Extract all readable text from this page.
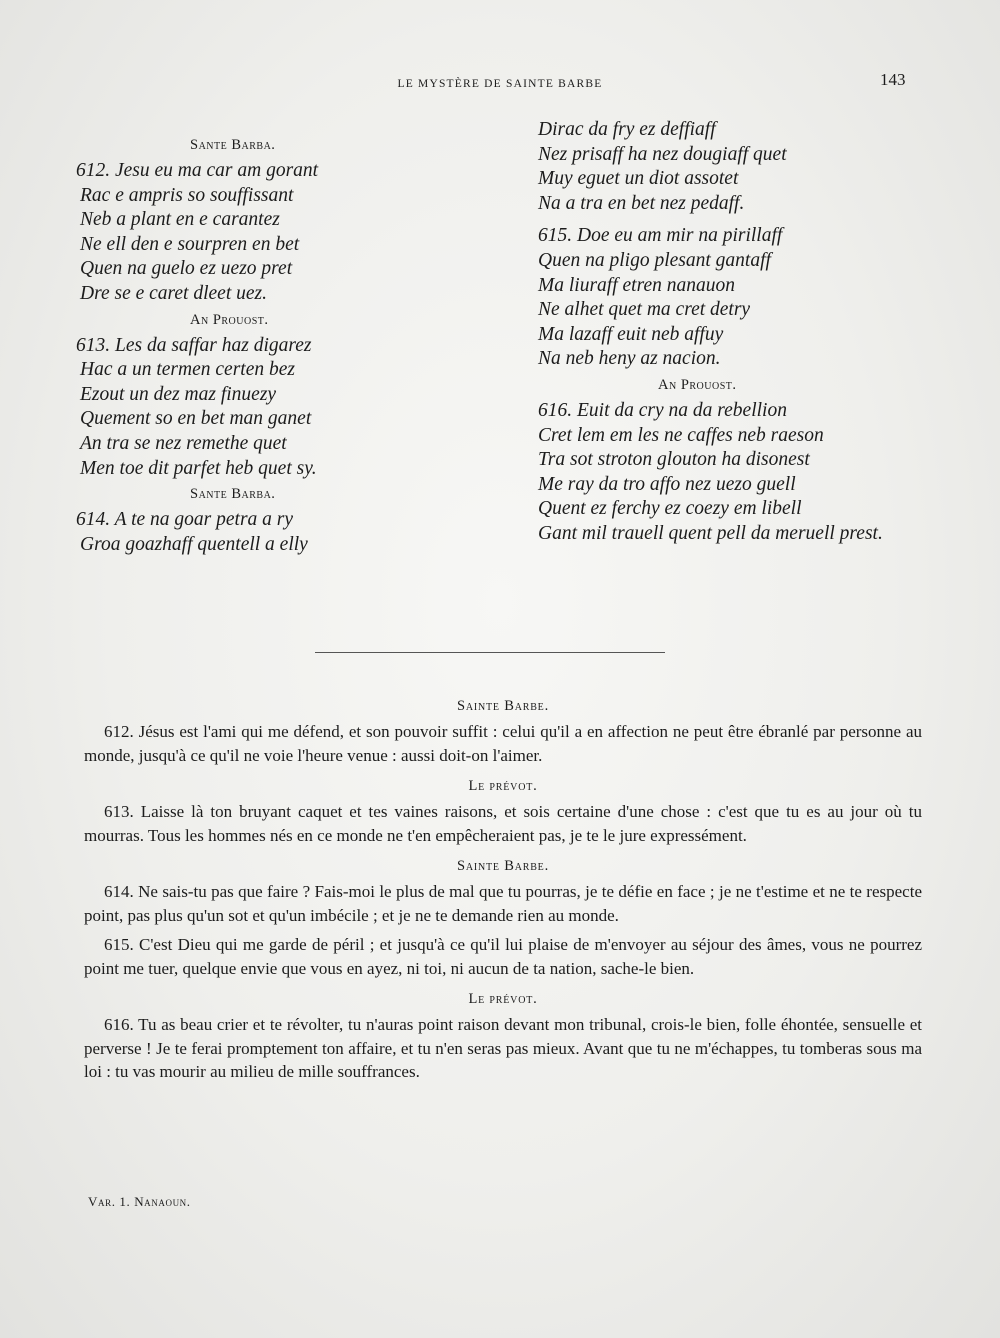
LE MYSTÈRE DE SAINTE BARBE	143
Sante Barba.
612. Jesu eu ma car am gorant
Rac e ampris so souffissant
Neb a plant en e carantez
Ne ell den e sourpren en bet
Quen na guelo ez uezo pret
Dre se e caret dleet uez.
An Prouost.
613. Les da saffar haz digarez
Hac a un termen certen bez
Ezout un dez maz finuezy
Quement so en bet man ganet
An tra se nez remethe quet
Men toe dit parfet heb quet sy.
Sante Barba.
614. A te na goar petra a ry
Groa goazhaff quentell a elly
Dirac da fry ez deffiaff
Nez prisaff ha nez dougiaff quet
Muy eguet un diot assotet
Na a tra en bet nez pedaff.
615. Doe eu am mir na pirillaff
Quen na pligo plesant gantaff
Ma liuraff etren nanauon
Ne alhet quet ma cret detry
Ma lazaff euit neb affuy
Na neb heny az nacion.
An Prouost.
616. Euit da cry na da rebellion
Cret lem em les ne caffes neb raeson
Tra sot stroton glouton ha disonest
Me ray da tro affo nez uezo guell
Quent ez ferchy ez coezy em libell
Gant mil trauell quent pell da meruell prest.
Sainte Barbe.
612. Jésus est l'ami qui me défend, et son pouvoir suffit : celui qu'il a en affection ne peut être ébranlé par personne au monde, jusqu'à ce qu'il ne voie l'heure venue : aussi doit-on l'aimer.
Le prévot.
613. Laisse là ton bruyant caquet et tes vaines raisons, et sois certaine d'une chose : c'est que tu es au jour où tu mourras. Tous les hommes nés en ce monde ne t'en empêcheraient pas, je te le jure expressément.
Sainte Barbe.
614. Ne sais-tu pas que faire ? Fais-moi le plus de mal que tu pourras, je te défie en face ; je ne t'estime et ne te respecte point, pas plus qu'un sot et qu'un imbécile ; et je ne te demande rien au monde.
615. C'est Dieu qui me garde de péril ; et jusqu'à ce qu'il lui plaise de m'envoyer au séjour des âmes, vous ne pourrez point me tuer, quelque envie que vous en ayez, ni toi, ni aucun de ta nation, sache-le bien.
Le prévot.
616. Tu as beau crier et te révolter, tu n'auras point raison devant mon tribunal, crois-le bien, folle éhontée, sensuelle et perverse ! Je te ferai promptement ton affaire, et tu n'en seras pas mieux. Avant que tu ne m'échappes, tu tomberas sous ma loi : tu vas mourir au milieu de mille souffrances.
Var. 1. Nanaoun.
